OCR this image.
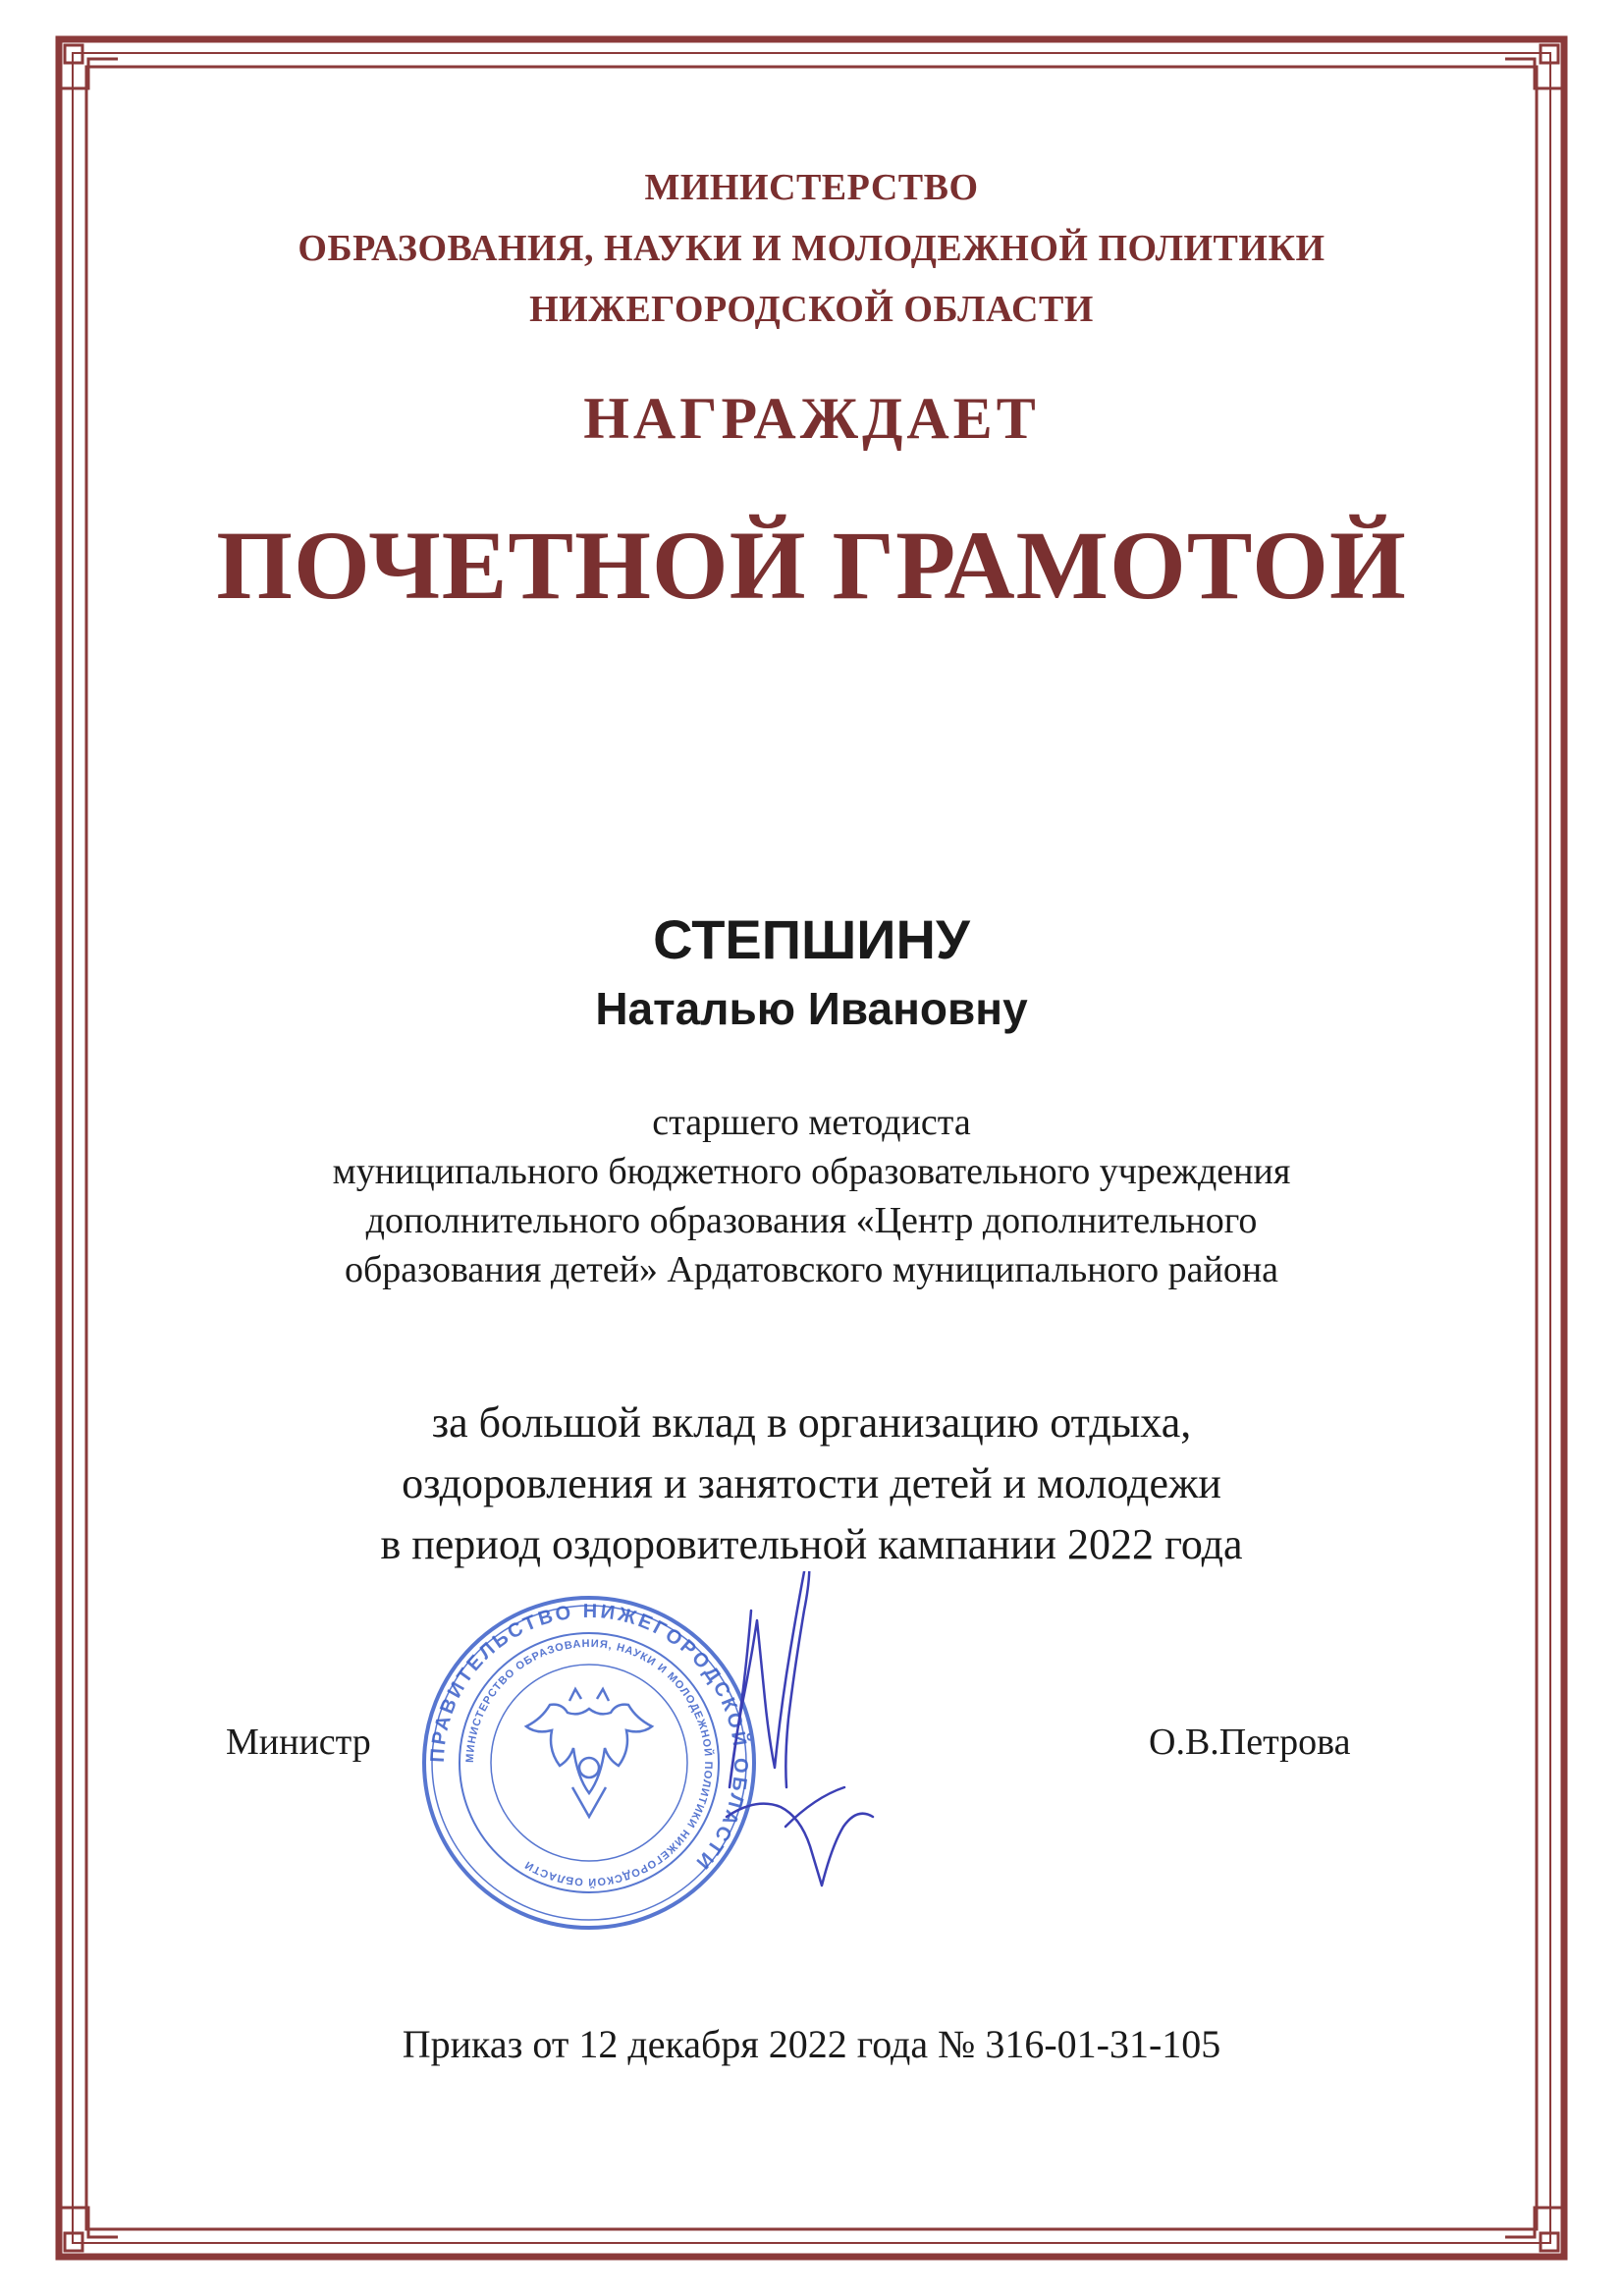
МИНИСТЕРСТВО
ОБРАЗОВАНИЯ, НАУКИ И МОЛОДЕЖНОЙ ПОЛИТИКИ
НИЖЕГОРОДСКОЙ ОБЛАСТИ
НАГРАЖДАЕТ
ПОЧЕТНОЙ ГРАМОТОЙ
СТЕПШИНУ
Наталью Ивановну
старшего методиста
муниципального бюджетного образовательного учреждения
дополнительного образования «Центр дополнительного
образования детей» Ардатовского муниципального района
за большой вклад в организацию отдыха,
оздоровления и занятости детей и молодежи
в период оздоровительной кампании 2022 года
ПРАВИТЕЛЬСТВО НИЖЕГОРОДСКОЙ ОБЛАСТИ
МИНИСТЕРСТВО ОБРАЗОВАНИЯ, НАУКИ И МОЛОДЕЖНОЙ ПОЛИТИКИ НИЖЕГОРОДСКОЙ ОБЛАСТИ
Министр	О.В.Петрова
Приказ от 12 декабря 2022 года № 316-01-31-105
